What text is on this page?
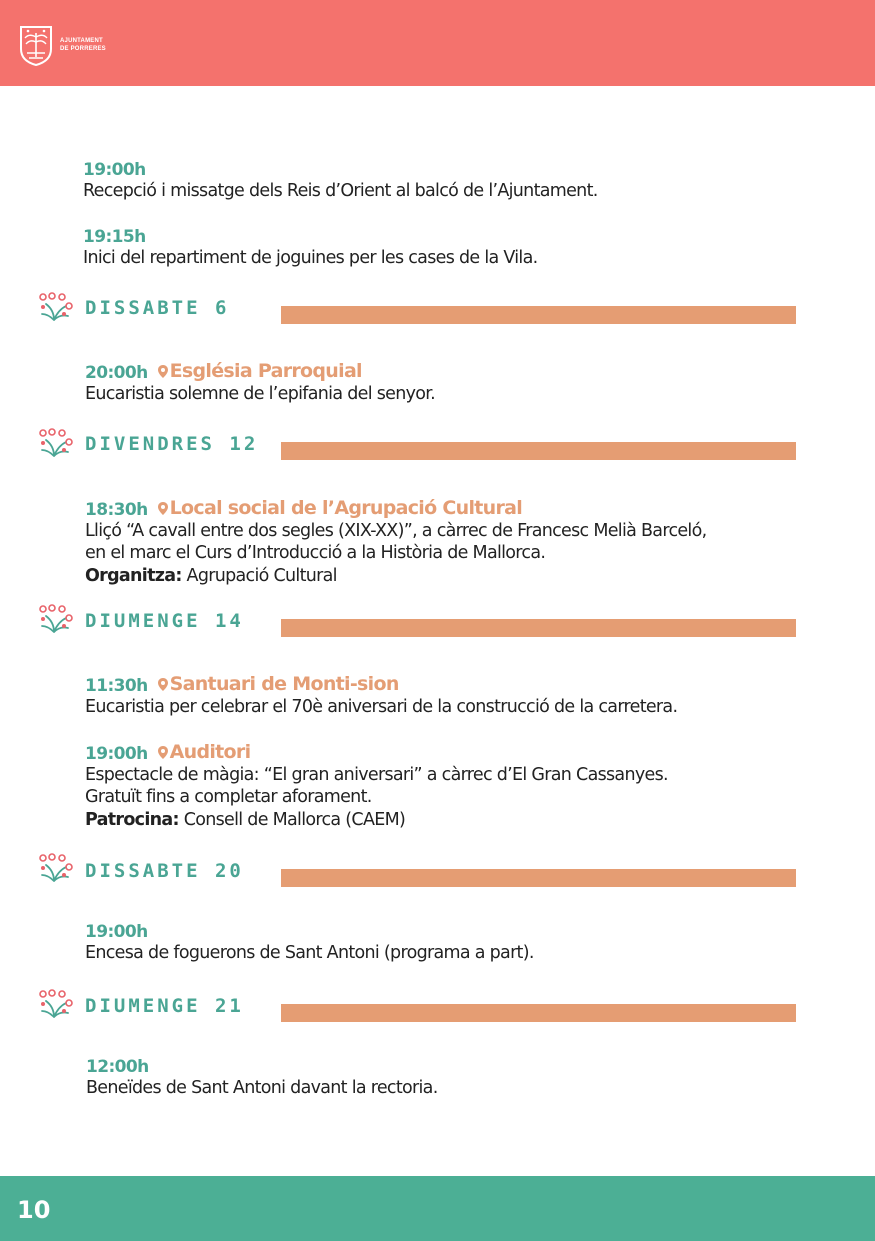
AJUNTAMENT
DE PORRERES
19:00h
Recepció i missatge dels Reis d’Orient al balcó de l’Ajuntament.
19:15h
Inici del repartiment de joguines per les cases de la Vila.
DISSABTE 6
20:00h Església Parroquial
Eucaristia solemne de l’epifania del senyor.
DIVENDRES 12
18:30h Local social de l’Agrupació Cultural
Lliçó “A cavall entre dos segles (XIX-XX)”, a càrrec de Francesc Melià Barceló,
en el marc el Curs d’Introducció a la Història de Mallorca.
Organitza: Agrupació Cultural
DIUMENGE 14
11:30h Santuari de Monti-sion
Eucaristia per celebrar el 70è aniversari de la construcció de la carretera.
19:00h Auditori
Espectacle de màgia: “El gran aniversari” a càrrec d’El Gran Cassanyes.
Gratuït fins a completar aforament.
Patrocina: Consell de Mallorca (CAEM)
DISSABTE 20
19:00h
Encesa de foguerons de Sant Antoni (programa a part).
DIUMENGE 21
12:00h
Beneïdes de Sant Antoni davant la rectoria.
10
